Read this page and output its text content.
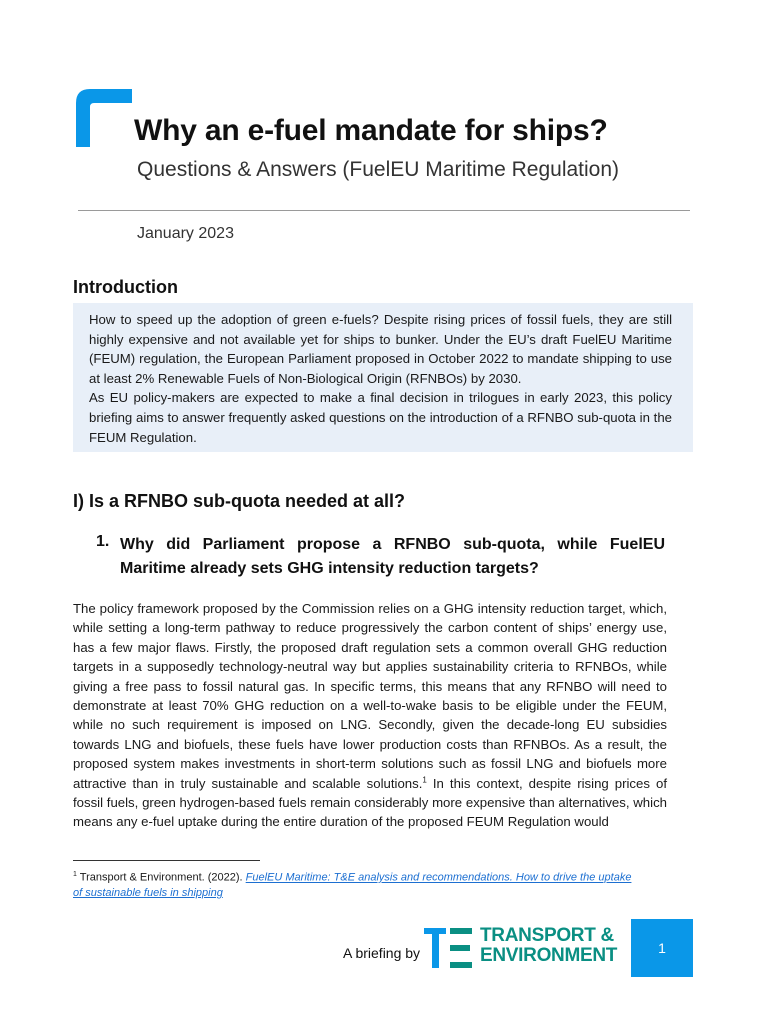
Why an e-fuel mandate for ships?
Questions & Answers (FuelEU Maritime Regulation)
January 2023
Introduction

How to speed up the adoption of green e-fuels? Despite rising prices of fossil fuels, they are still highly expensive and not available yet for ships to bunker. Under the EU’s draft FuelEU Maritime (FEUM) regulation, the European Parliament proposed in October 2022 to mandate shipping to use at least 2% Renewable Fuels of Non-Biological Origin (RFNBOs) by 2030.

As EU policy-makers are expected to make a final decision in trilogues in early 2023, this policy briefing aims to answer frequently asked questions on the introduction of a RFNBO sub-quota in the FEUM Regulation.

I) Is a RFNBO sub-quota needed at all?
1. Why did Parliament propose a RFNBO sub-quota, while FuelEU Maritime already sets GHG intensity reduction targets?

The policy framework proposed by the Commission relies on a GHG intensity reduction target, which, while setting a long-term pathway to reduce progressively the carbon content of ships’ energy use, has a few major flaws. Firstly, the proposed draft regulation sets a common overall GHG reduction targets in a supposedly technology-neutral way but applies sustainability criteria to RFNBOs, while giving a free pass to fossil natural gas. In specific terms, this means that any RFNBO will need to demonstrate at least 70% GHG reduction on a well-to-wake basis to be eligible under the FEUM, while no such requirement is imposed on LNG. Secondly, given the decade-long EU subsidies towards LNG and biofuels, these fuels have lower production costs than RFNBOs. As a result, the proposed system makes investments in short-term solutions such as fossil LNG and biofuels more attractive than in truly sustainable and scalable solutions.$^1$ In this context, despite rising prices of fossil fuels, green hydrogen-based fuels remain considerably more expensive than alternatives, which means any e-fuel uptake during the entire duration of the proposed FEUM Regulation would

$^1$ Transport & Environment. (2022). FuelEU Maritime: T&E analysis and recommendations. How to drive the uptake of sustainable fuels in shipping
A briefing by
TRANSPORT &
ENVIRONMENT	1
